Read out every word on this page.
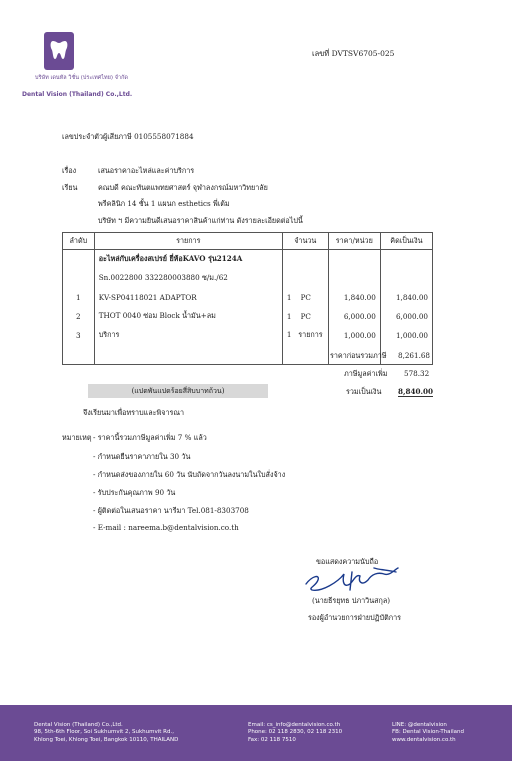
บริษัท เดนทัล วิชั่น (ประเทศไทย) จำกัด
Dental Vision (Thailand) Co.,Ltd.
เลขที่ DVTSV6705-025
เลขประจำตัวผู้เสียภาษี 0105558071884
เรื่อง	เสนอราคาอะไหล่และค่าบริการ
เรียน	คณบดี คณะทันตแพทยศาสตร์ จุฬาลงกรณ์มหาวิทยาลัย
พรีคลินิก 14 ชั้น 1 แผนก esthetics พี่เต้ม
บริษัท ฯ มีความยินดีเสนอราคาสินค้าแก่ท่าน ดังรายละเอียดต่อไปนี้
ลำดับ	รายการ	จำนวน	ราคา/หน่วย	คิดเป็นเงิน
	อะไหล่กับเครื่องสเปรย์ ยี่ห้อKAVO รุ่น2124A			
	Sn.0022800 332280003880 ซ/ม./62			
1	KV-SP04118021 ADAPTOR	1 PC	1,840.00	1,840.00
2	THOT 0040 ซ่อม Block น้ำมัน+ลม	1 PC	6,000.00	6,000.00
3	บริการ	1 รายการ	1,000.00	1,000.00

ราคาก่อนรวมภาษี 8,261.68
ภาษีมูลค่าเพิ่ม 578.32
รวมเป็นเงิน 8,840.00
(แปดพันแปดร้อยสี่สิบบาทถ้วน)
จึงเรียนมาเพื่อทราบและพิจารณา
หมายเหตุ - ราคานี้รวมภาษีมูลค่าเพิ่ม 7 % แล้ว
- กำหนดยืนราคาภายใน 30 วัน
- กำหนดส่งของภายใน 60 วัน นับถัดจากวันลงนามในใบสั่งจ้าง
- รับประกันคุณภาพ 90 วัน
- ผู้ติดต่อในเสนอราคา นารีมา Tel.081-8303708
- E-mail : nareema.b@dentalvision.co.th
ขอแสดงความนับถือ
(นายธีรยุทธ ปภาวินสกุล)
รองผู้อำนวยการฝ่ายปฏิบัติการ
Dental Vision (Thailand) Co.,Ltd.
98, 5th-6th Floor, Soi Sukhumvit 2, Sukhumvit Rd.,
Khlong Toei, Khlong Toei, Bangkok 10110, THAILAND
Email: cs_info@dentalvision.co.th
Phone: 02 118 2830, 02 118 2310
Fax: 02 118 7510
LINE: @dentalvision
FB: Dental Vision-Thailand
www.dentalvision.co.th
